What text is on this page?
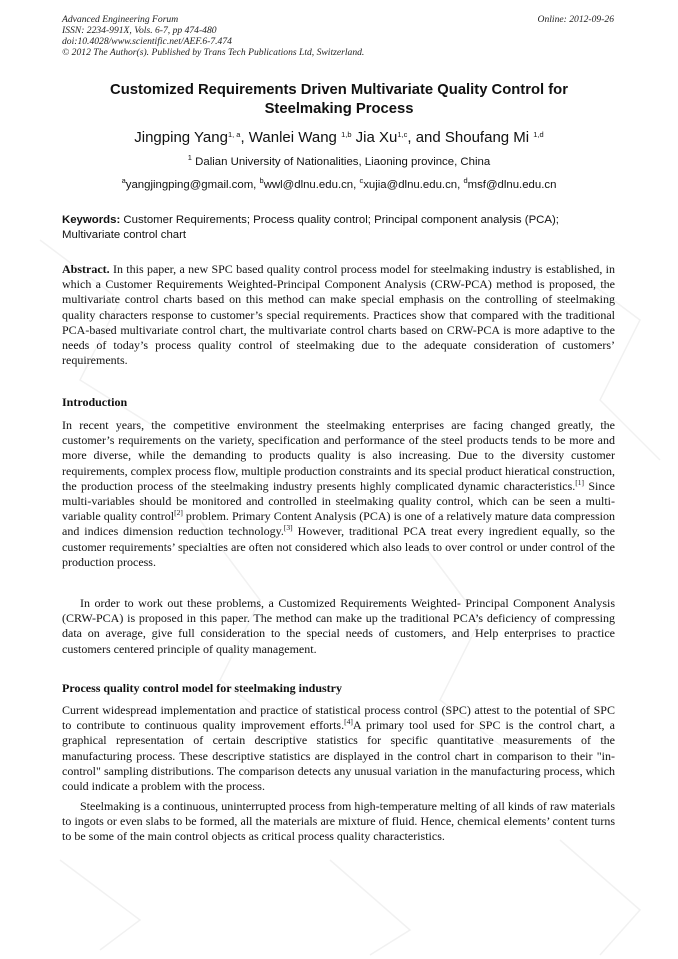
Advanced Engineering Forum
ISSN: 2234-991X, Vols. 6-7, pp 474-480
doi:10.4028/www.scientific.net/AEF.6-7.474
© 2012 The Author(s). Published by Trans Tech Publications Ltd, Switzerland.
Online: 2012-09-26
Customized Requirements Driven Multivariate Quality Control for
Steelmaking Process
Jingping Yang$^{1, a}$, Wanlei Wang $^{1,b}$ Jia Xu$^{1,c}$, and Shoufang Mi $^{1,d}$
$^1$ Dalian University of Nationalities, Liaoning province, China
$^a$yangjingping@gmail.com, $^b$wwl@dlnu.edu.cn, $^c$xujia@dlnu.edu.cn, $^d$msf@dlnu.edu.cn
Keywords: Customer Requirements; Process quality control; Principal component analysis (PCA); Multivariate control chart
Abstract. In this paper, a new SPC based quality control process model for steelmaking industry is established, in which a Customer Requirements Weighted-Principal Component Analysis (CRW-PCA) method is proposed, the multivariate control charts based on this method can make special emphasis on the controlling of steelmaking quality characters response to customer’s special requirements. Practices show that compared with the traditional PCA-based multivariate control chart, the multivariate control charts based on CRW-PCA is more adaptive to the needs of today’s process quality control of steelmaking due to the adequate consideration of customers’ requirements.
Introduction
In recent years, the competitive environment the steelmaking enterprises are facing changed greatly, the customer’s requirements on the variety, specification and performance of the steel products tends to be more and more diverse, while the demanding to products quality is also increasing. Due to the diversity customer requirements, complex process flow, multiple production constraints and its special product hieratical construction, the production process of the steelmaking industry presents highly complicated dynamic characteristics.[1] Since multi-variables should be monitored and controlled in steelmaking quality control, which can be seen a multi-variable quality control[2] problem. Primary Content Analysis (PCA) is one of a relatively mature data compression and indices dimension reduction technology.[3] However, traditional PCA treat every ingredient equally, so the customer requirements’ specialties are often not considered which also leads to over control or under control of the production process.
In order to work out these problems, a Customized Requirements Weighted- Principal Component Analysis (CRW-PCA) is proposed in this paper. The method can make up the traditional PCA’s deficiency of compressing data on average, give full consideration to the special needs of customers, and Help enterprises to practice customers centered principle of quality management.
Process quality control model for steelmaking industry
Current widespread implementation and practice of statistical process control (SPC) attest to the potential of SPC to contribute to continuous quality improvement efforts.[4]A primary tool used for SPC is the control chart, a graphical representation of certain descriptive statistics for specific quantitative measurements of the manufacturing process. These descriptive statistics are displayed in the control chart in comparison to their "in-control" sampling distributions. The comparison detects any unusual variation in the manufacturing process, which could indicate a problem with the process.
Steelmaking is a continuous, uninterrupted process from high-temperature melting of all kinds of raw materials to ingots or even slabs to be formed, all the materials are mixture of fluid. Hence, chemical elements’ content turns to be some of the main control objects as critical process quality characteristics.
